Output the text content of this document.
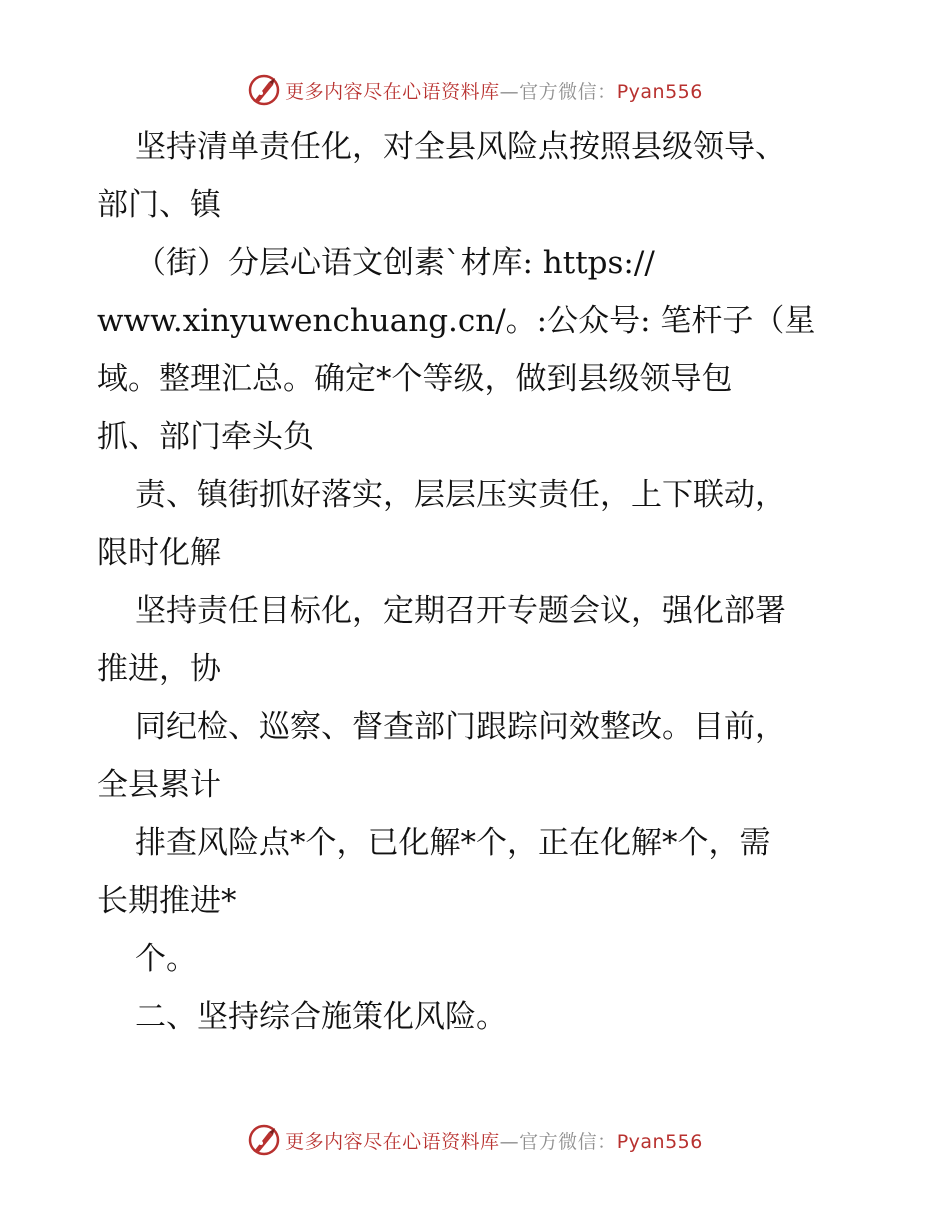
更多内容尽在心语资料库—官方微信：Pyan556
坚持清单责任化，对全县风险点按照县级领导、
部门、镇
（街）分层心语文创素`材库: https://
www.xinyuwenchuang.cn/。:公众号: 笔杆子（星
域。整理汇总。确定*个等级，做到县级领导包
抓、部门牵头负
责、镇街抓好落实，层层压实责任，上下联动，
限时化解
坚持责任目标化，定期召开专题会议，强化部署
推进，协
同纪检、巡察、督查部门跟踪问效整改。目前，
全县累计
排查风险点*个，已化解*个，正在化解*个，需
长期推进*
个。
二、坚持综合施策化风险。
更多内容尽在心语资料库—官方微信：Pyan556
